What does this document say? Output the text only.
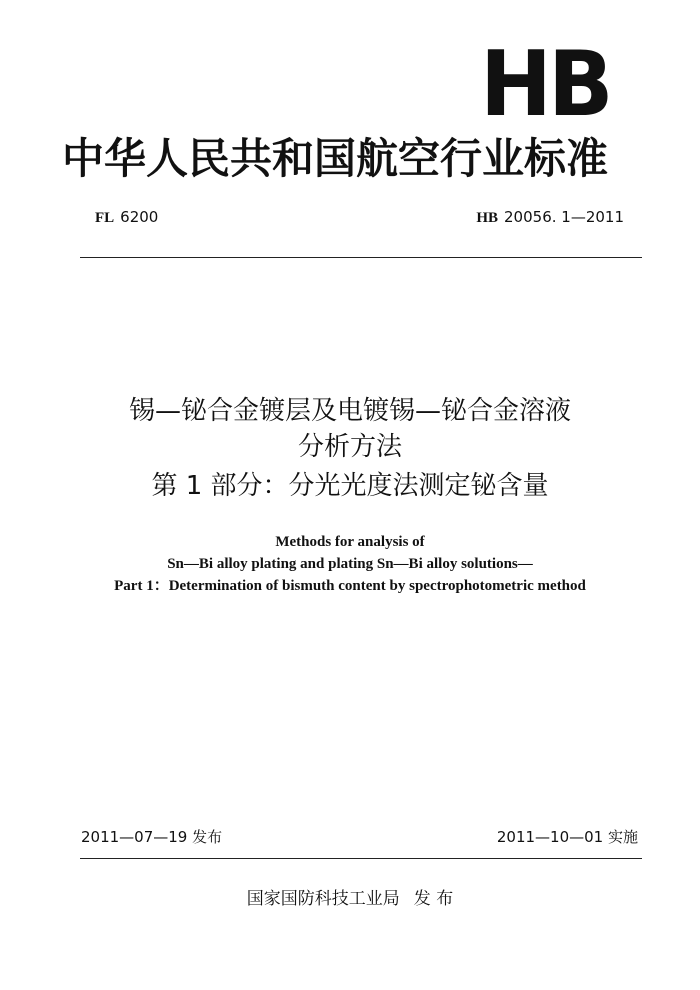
HB
中华人民共和国航空行业标准
FL 6200	HB 20056. 1—2011
锡—铋合金镀层及电镀锡—铋合金溶液
分析方法
第 1 部分：分光光度法测定铋含量
Methods for analysis of
Sn—Bi alloy plating and plating Sn—Bi alloy solutions—
Part 1：Determination of bismuth content by spectrophotometric method
2011—07—19 发布	2011—10—01 实施
国家国防科技工业局 发 布
